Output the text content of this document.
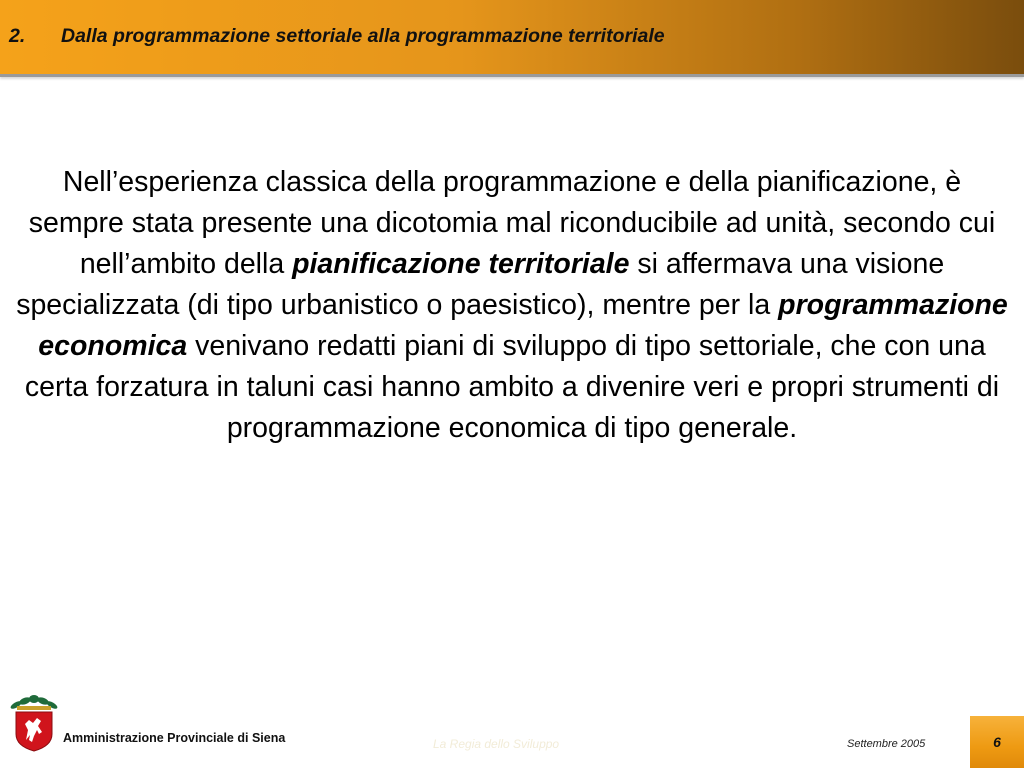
2. Dalla programmazione settoriale alla programmazione territoriale
Nell’esperienza classica della programmazione e della pianificazione, è sempre stata presente una dicotomia mal riconducibile ad unità, secondo cui nell’ambito della pianificazione territoriale si affermava una visione specializzata (di tipo urbanistico o paesistico), mentre per la programmazione economica venivano redatti piani di sviluppo di tipo settoriale, che con una certa forzatura in taluni casi hanno ambito a divenire veri e propri strumenti di programmazione economica di tipo generale.
Amministrazione Provinciale di Siena	La Regia dello Sviluppo	Settembre 2005	6
